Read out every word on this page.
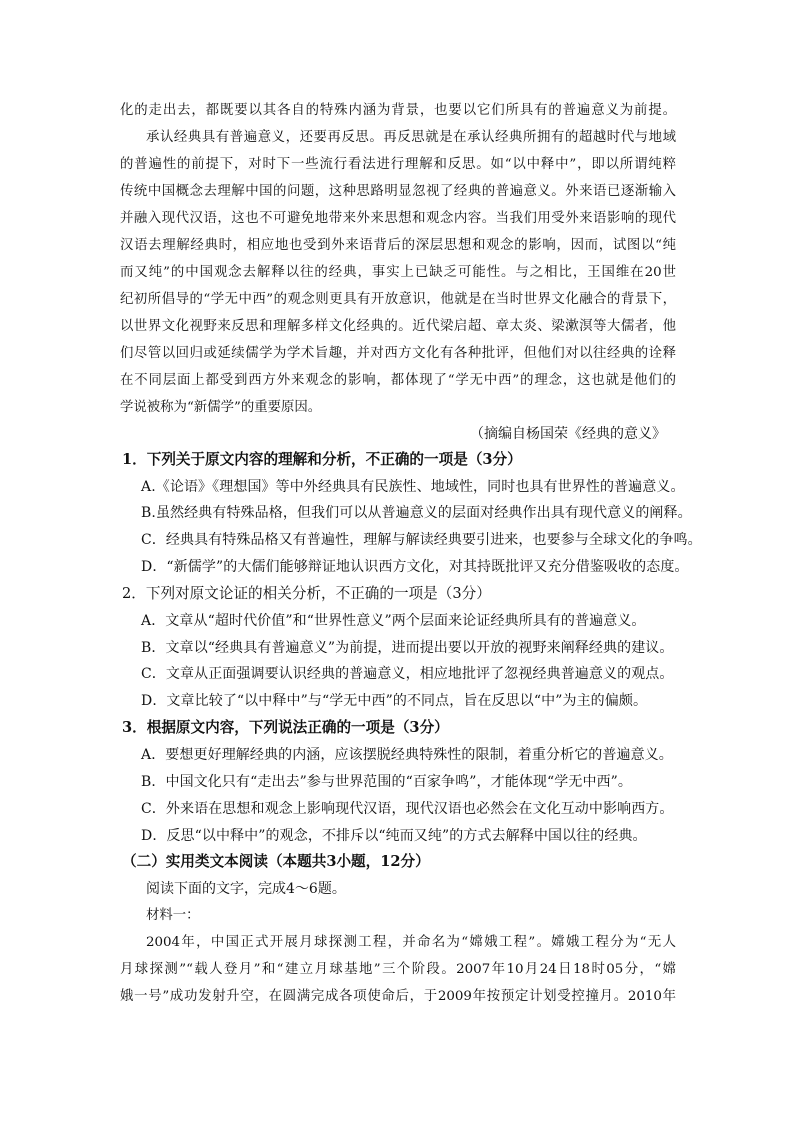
化的走出去，都既要以其各自的特殊内涵为背景，也要以它们所具有的普遍意义为前提。
承认经典具有普遍意义，还要再反思。再反思就是在承认经典所拥有的超越时代与地域
的普遍性的前提下，对时下一些流行看法进行理解和反思。如“以中释中”，即以所谓纯粹
传统中国概念去理解中国的问题，这种思路明显忽视了经典的普遍意义。外来语已逐渐输入
并融入现代汉语，这也不可避免地带来外来思想和观念内容。当我们用受外来语影响的现代
汉语去理解经典时，相应地也受到外来语背后的深层思想和观念的影响，因而，试图以“纯
而又纯”的中国观念去解释以往的经典，事实上已缺乏可能性。与之相比，王国维在20世
纪初所倡导的“学无中西”的观念则更具有开放意识，他就是在当时世界文化融合的背景下，
以世界文化视野来反思和理解多样文化经典的。近代梁启超、章太炎、梁漱溟等大儒者，他
们尽管以回归或延续儒学为学术旨趣，并对西方文化有各种批评，但他们对以往经典的诠释
在不同层面上都受到西方外来观念的影响，都体现了“学无中西”的理念，这也就是他们的
学说被称为“新儒学”的重要原因。
（摘编自杨国荣《经典的意义》
1．下列关于原文内容的理解和分析，不正确的一项是（3分）
A.《论语》《理想国》等中外经典具有民族性、地域性，同时也具有世界性的普遍意义。
B.虽然经典有特殊品格，但我们可以从普遍意义的层面对经典作出具有现代意义的阐释。
C．经典具有特殊品格又有普遍性，理解与解读经典要引进来，也要参与全球文化的争鸣。
D．“新儒学”的大儒们能够辩证地认识西方文化，对其持既批评又充分借鉴吸收的态度。
2．下列对原文论证的相关分析，不正确的一项是（3分）
A．文章从“超时代价值”和“世界性意义”两个层面来论证经典所具有的普遍意义。
B．文章以“经典具有普遍意义”为前提，进而提出要以开放的视野来阐释经典的建议。
C．文章从正面强调要认识经典的普遍意义，相应地批评了忽视经典普遍意义的观点。
D．文章比较了“以中释中”与“学无中西”的不同点，旨在反思以“中”为主的偏颇。
3．根据原文内容，下列说法正确的一项是（3分）
A．要想更好理解经典的内涵，应该摆脱经典特殊性的限制，着重分析它的普遍意义。
B．中国文化只有“走出去”参与世界范围的“百家争鸣”，才能体现“学无中西”。
C．外来语在思想和观念上影响现代汉语，现代汉语也必然会在文化互动中影响西方。
D．反思“以中释中”的观念，不排斥以“纯而又纯”的方式去解释中国以往的经典。
（二）实用类文本阅读（本题共3小题，12分）
阅读下面的文字，完成4～6题。
材料一：
2004年，中国正式开展月球探测工程，并命名为“嫦娥工程”。嫦娥工程分为“无人
月球探测”“载人登月”和“建立月球基地”三个阶段。2007年10月24日18时05分，“嫦
娥一号”成功发射升空，在圆满完成各项使命后，于2009年按预定计划受控撞月。2010年
